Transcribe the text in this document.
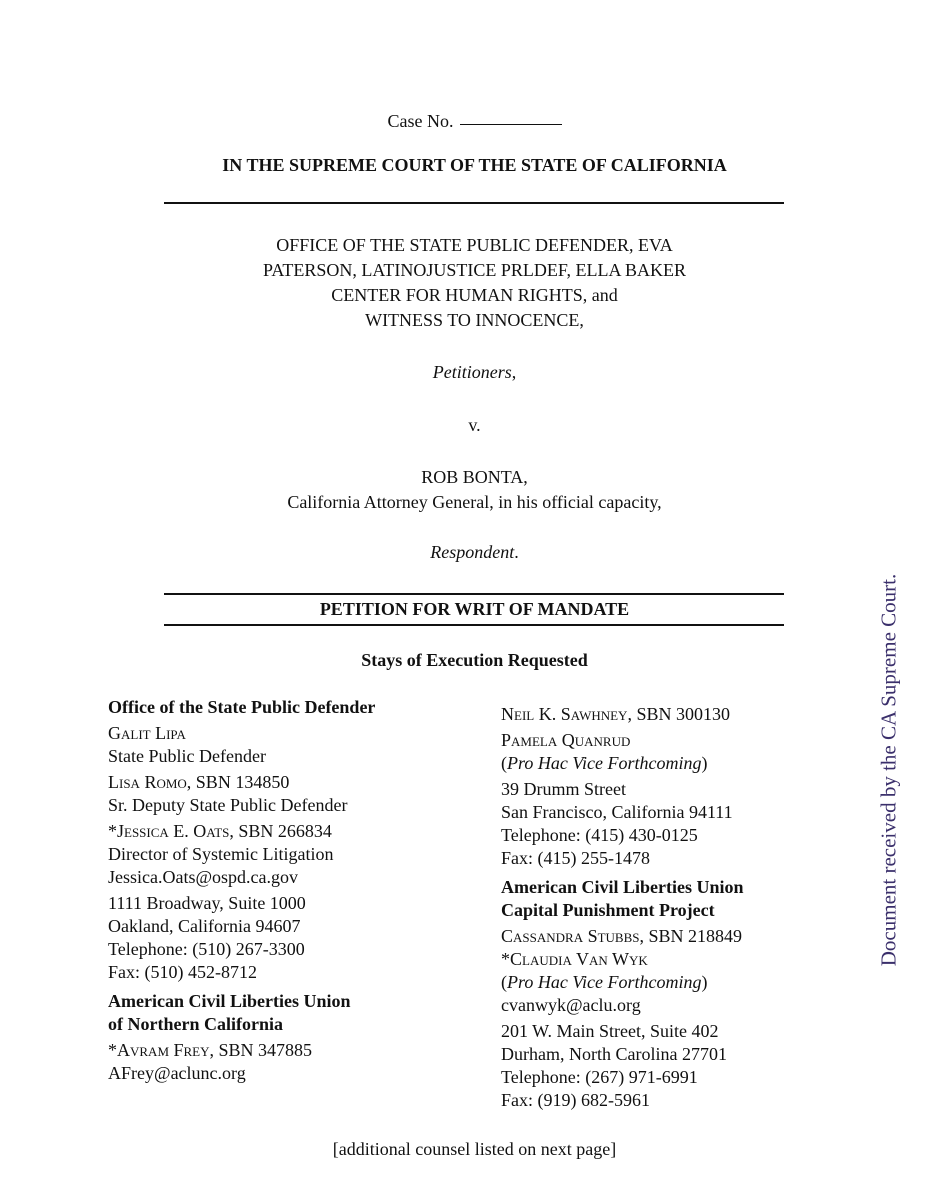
Case No.
IN THE SUPREME COURT OF THE STATE OF CALIFORNIA
OFFICE OF THE STATE PUBLIC DEFENDER, EVA
PATERSON, LATINOJUSTICE PRLDEF, ELLA BAKER
CENTER FOR HUMAN RIGHTS, and
WITNESS TO INNOCENCE,
Petitioners,
v.
ROB BONTA,
California Attorney General, in his official capacity,
Respondent.
PETITION FOR WRIT OF MANDATE
Stays of Execution Requested
Office of the State Public Defender
Galit Lipa
State Public Defender
Lisa Romo, SBN 134850
Sr. Deputy State Public Defender
*Jessica E. Oats, SBN 266834
Director of Systemic Litigation
Jessica.Oats@ospd.ca.gov
1111 Broadway, Suite 1000
Oakland, California 94607
Telephone: (510) 267-3300
Fax: (510) 452-8712
American Civil Liberties Union
of Northern California
*Avram Frey, SBN 347885
AFrey@aclunc.org
Neil K. Sawhney, SBN 300130
Pamela Quanrud
(Pro Hac Vice Forthcoming)
39 Drumm Street
San Francisco, California 94111
Telephone: (415) 430-0125
Fax: (415) 255-1478
American Civil Liberties Union
Capital Punishment Project
Cassandra Stubbs, SBN 218849
*Claudia Van Wyk
(Pro Hac Vice Forthcoming)
cvanwyk@aclu.org
201 W. Main Street, Suite 402
Durham, North Carolina 27701
Telephone: (267) 971-6991
Fax: (919) 682-5961
[additional counsel listed on next page]
Document received by the CA Supreme Court.
